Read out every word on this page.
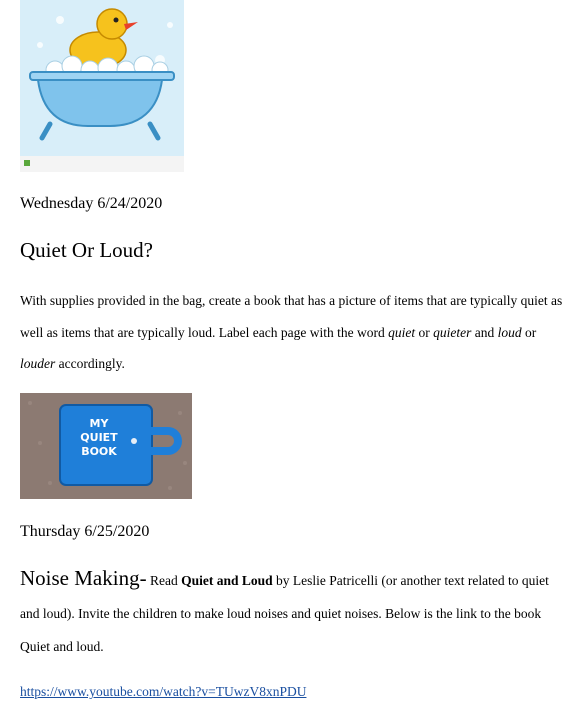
Wednesday 6/24/2020
Quiet Or Loud?

With supplies provided in the bag, create a book that has a picture of items that are typically quiet as well as items that are typically loud. Label each page with the word quiet or quieter and loud or louder accordingly.

MY
QUIET
BOOK
Thursday 6/25/2020

Noise Making- Read Quiet and Loud by Leslie Patricelli (or another text related to quiet and loud). Invite the children to make loud noises and quiet noises. Below is the link to the book Quiet and loud.

https://www.youtube.com/watch?v=TUwzV8xnPDU
